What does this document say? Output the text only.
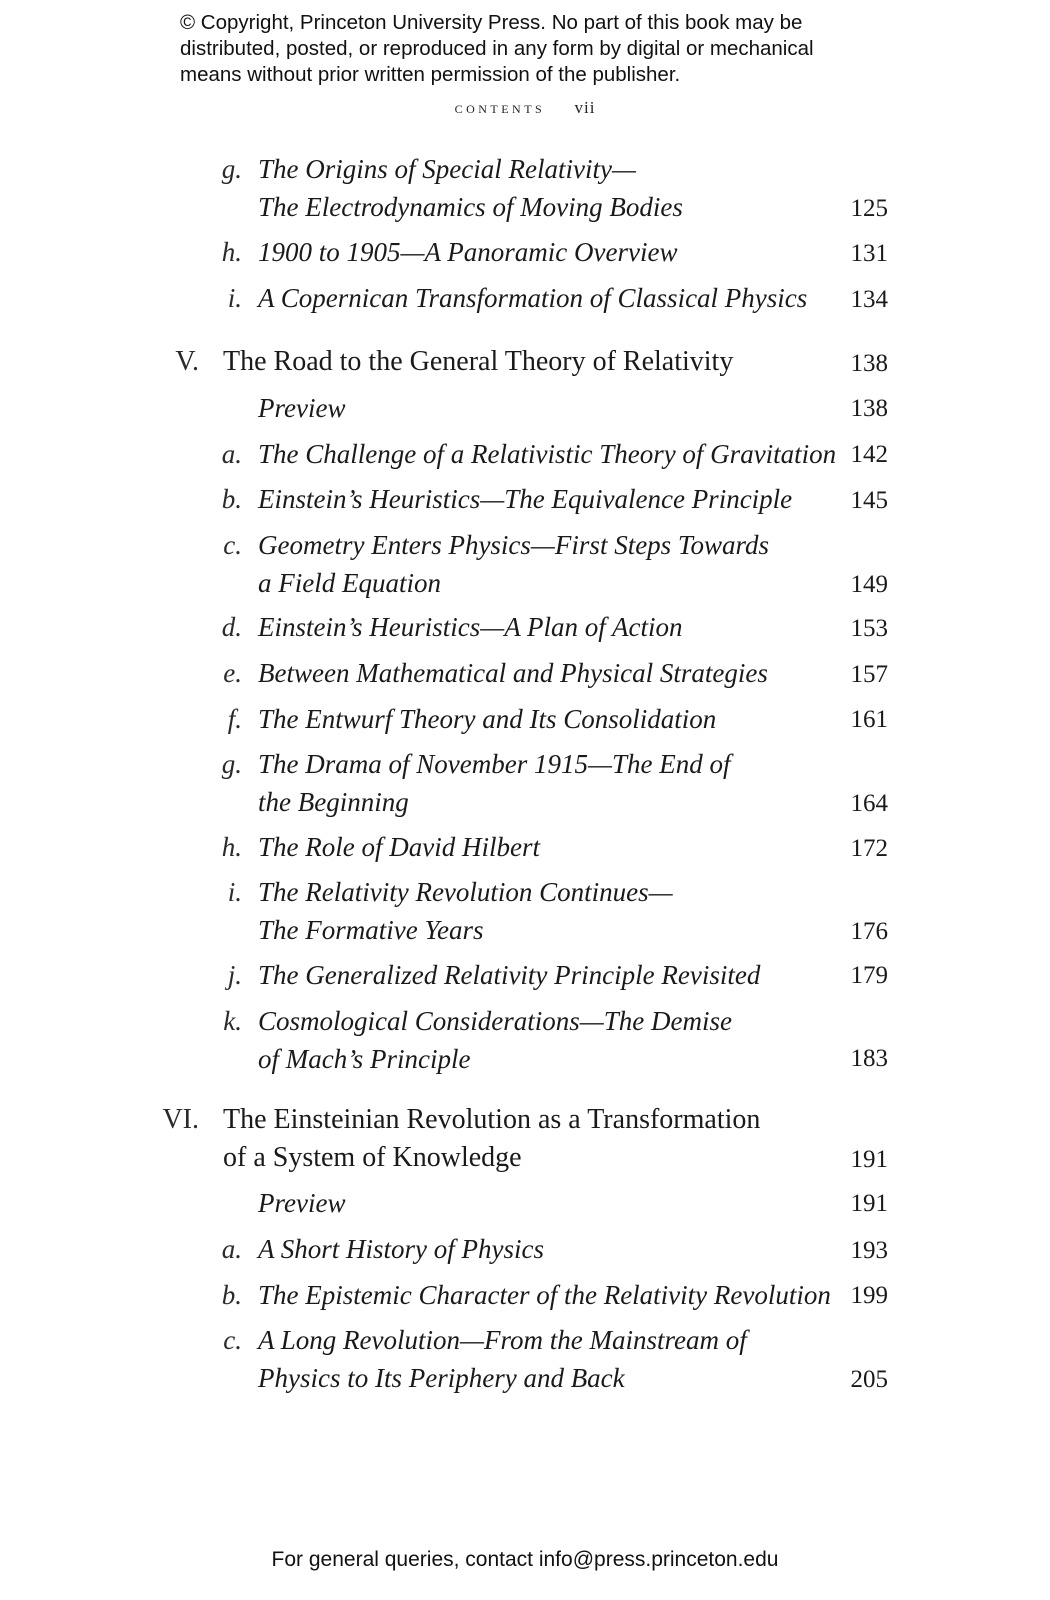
© Copyright, Princeton University Press. No part of this book may be
distributed, posted, or reproduced in any form by digital or mechanical
means without prior written permission of the publisher.
contents vii
g. The Origins of Special Relativity—
The Electrodynamics of Moving Bodies	125
h. 1900 to 1905—A Panoramic Overview	131
i. A Copernican Transformation of Classical Physics	134
V. The Road to the General Theory of Relativity	138
Preview	138
a. The Challenge of a Relativistic Theory of Gravitation 142
b. Einstein’s Heuristics—The Equivalence Principle	145
c. Geometry Enters Physics—First Steps Towards
a Field Equation	149
d. Einstein’s Heuristics—A Plan of Action	153
e. Between Mathematical and Physical Strategies	157
f. The Entwurf Theory and Its Consolidation	161
g. The Drama of November 1915—The End of
the Beginning	164
h. The Role of David Hilbert	172
i. The Relativity Revolution Continues—
The Formative Years	176
j. The Generalized Relativity Principle Revisited	179
k. Cosmological Considerations—The Demise
of Mach’s Principle	183
VI. The Einsteinian Revolution as a Transformation
of a System of Knowledge	191
Preview	191
a. A Short History of Physics	193
b. The Epistemic Character of the Relativity Revolution 199
c. A Long Revolution—From the Mainstream of
Physics to Its Periphery and Back	205
For general queries, contact info@press.princeton.edu
